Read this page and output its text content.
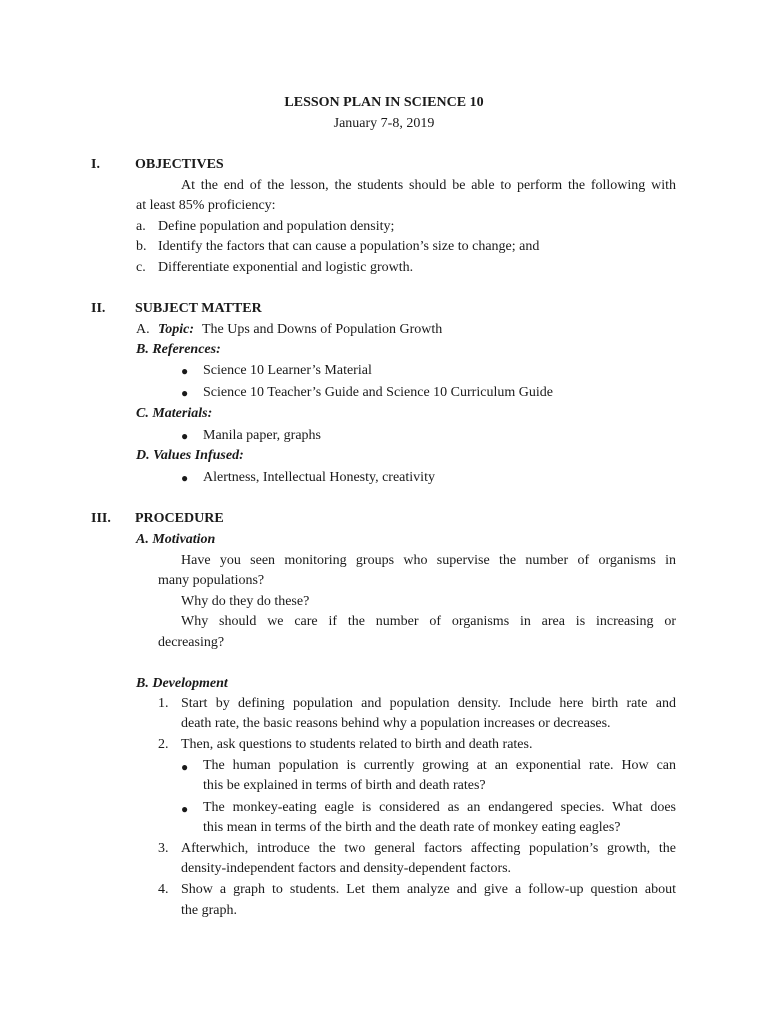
LESSON PLAN IN SCIENCE 10
January 7-8, 2019
I.	OBJECTIVES
At the end of the lesson, the students should be able to perform the following with
at least 85% proficiency:
a. Define population and population density;
b. Identify the factors that can cause a population’s size to change; and
c. Differentiate exponential and logistic growth.
II. SUBJECT MATTER
A. Topic: The Ups and Downs of Population Growth
B. References:
● Science 10 Learner’s Material
● Science 10 Teacher’s Guide and Science 10 Curriculum Guide
C. Materials:
● Manila paper, graphs
D. Values Infused:
● Alertness, Intellectual Honesty, creativity
III. PROCEDURE
A. Motivation
Have you seen monitoring groups who supervise the number of organisms in
many populations?
Why do they do these?
Why should we care if the number of organisms in area is increasing or
decreasing?
B. Development
1. Start by defining population and population density. Include here birth rate and
death rate, the basic reasons behind why a population increases or decreases.
2. Then, ask questions to students related to birth and death rates.
● The human population is currently growing at an exponential rate. How can
this be explained in terms of birth and death rates?
● The monkey-eating eagle is considered as an endangered species. What does
this mean in terms of the birth and the death rate of monkey eating eagles?
3. Afterwhich, introduce the two general factors affecting population’s growth, the
density-independent factors and density-dependent factors.
4. Show a graph to students. Let them analyze and give a follow-up question about
the graph.
